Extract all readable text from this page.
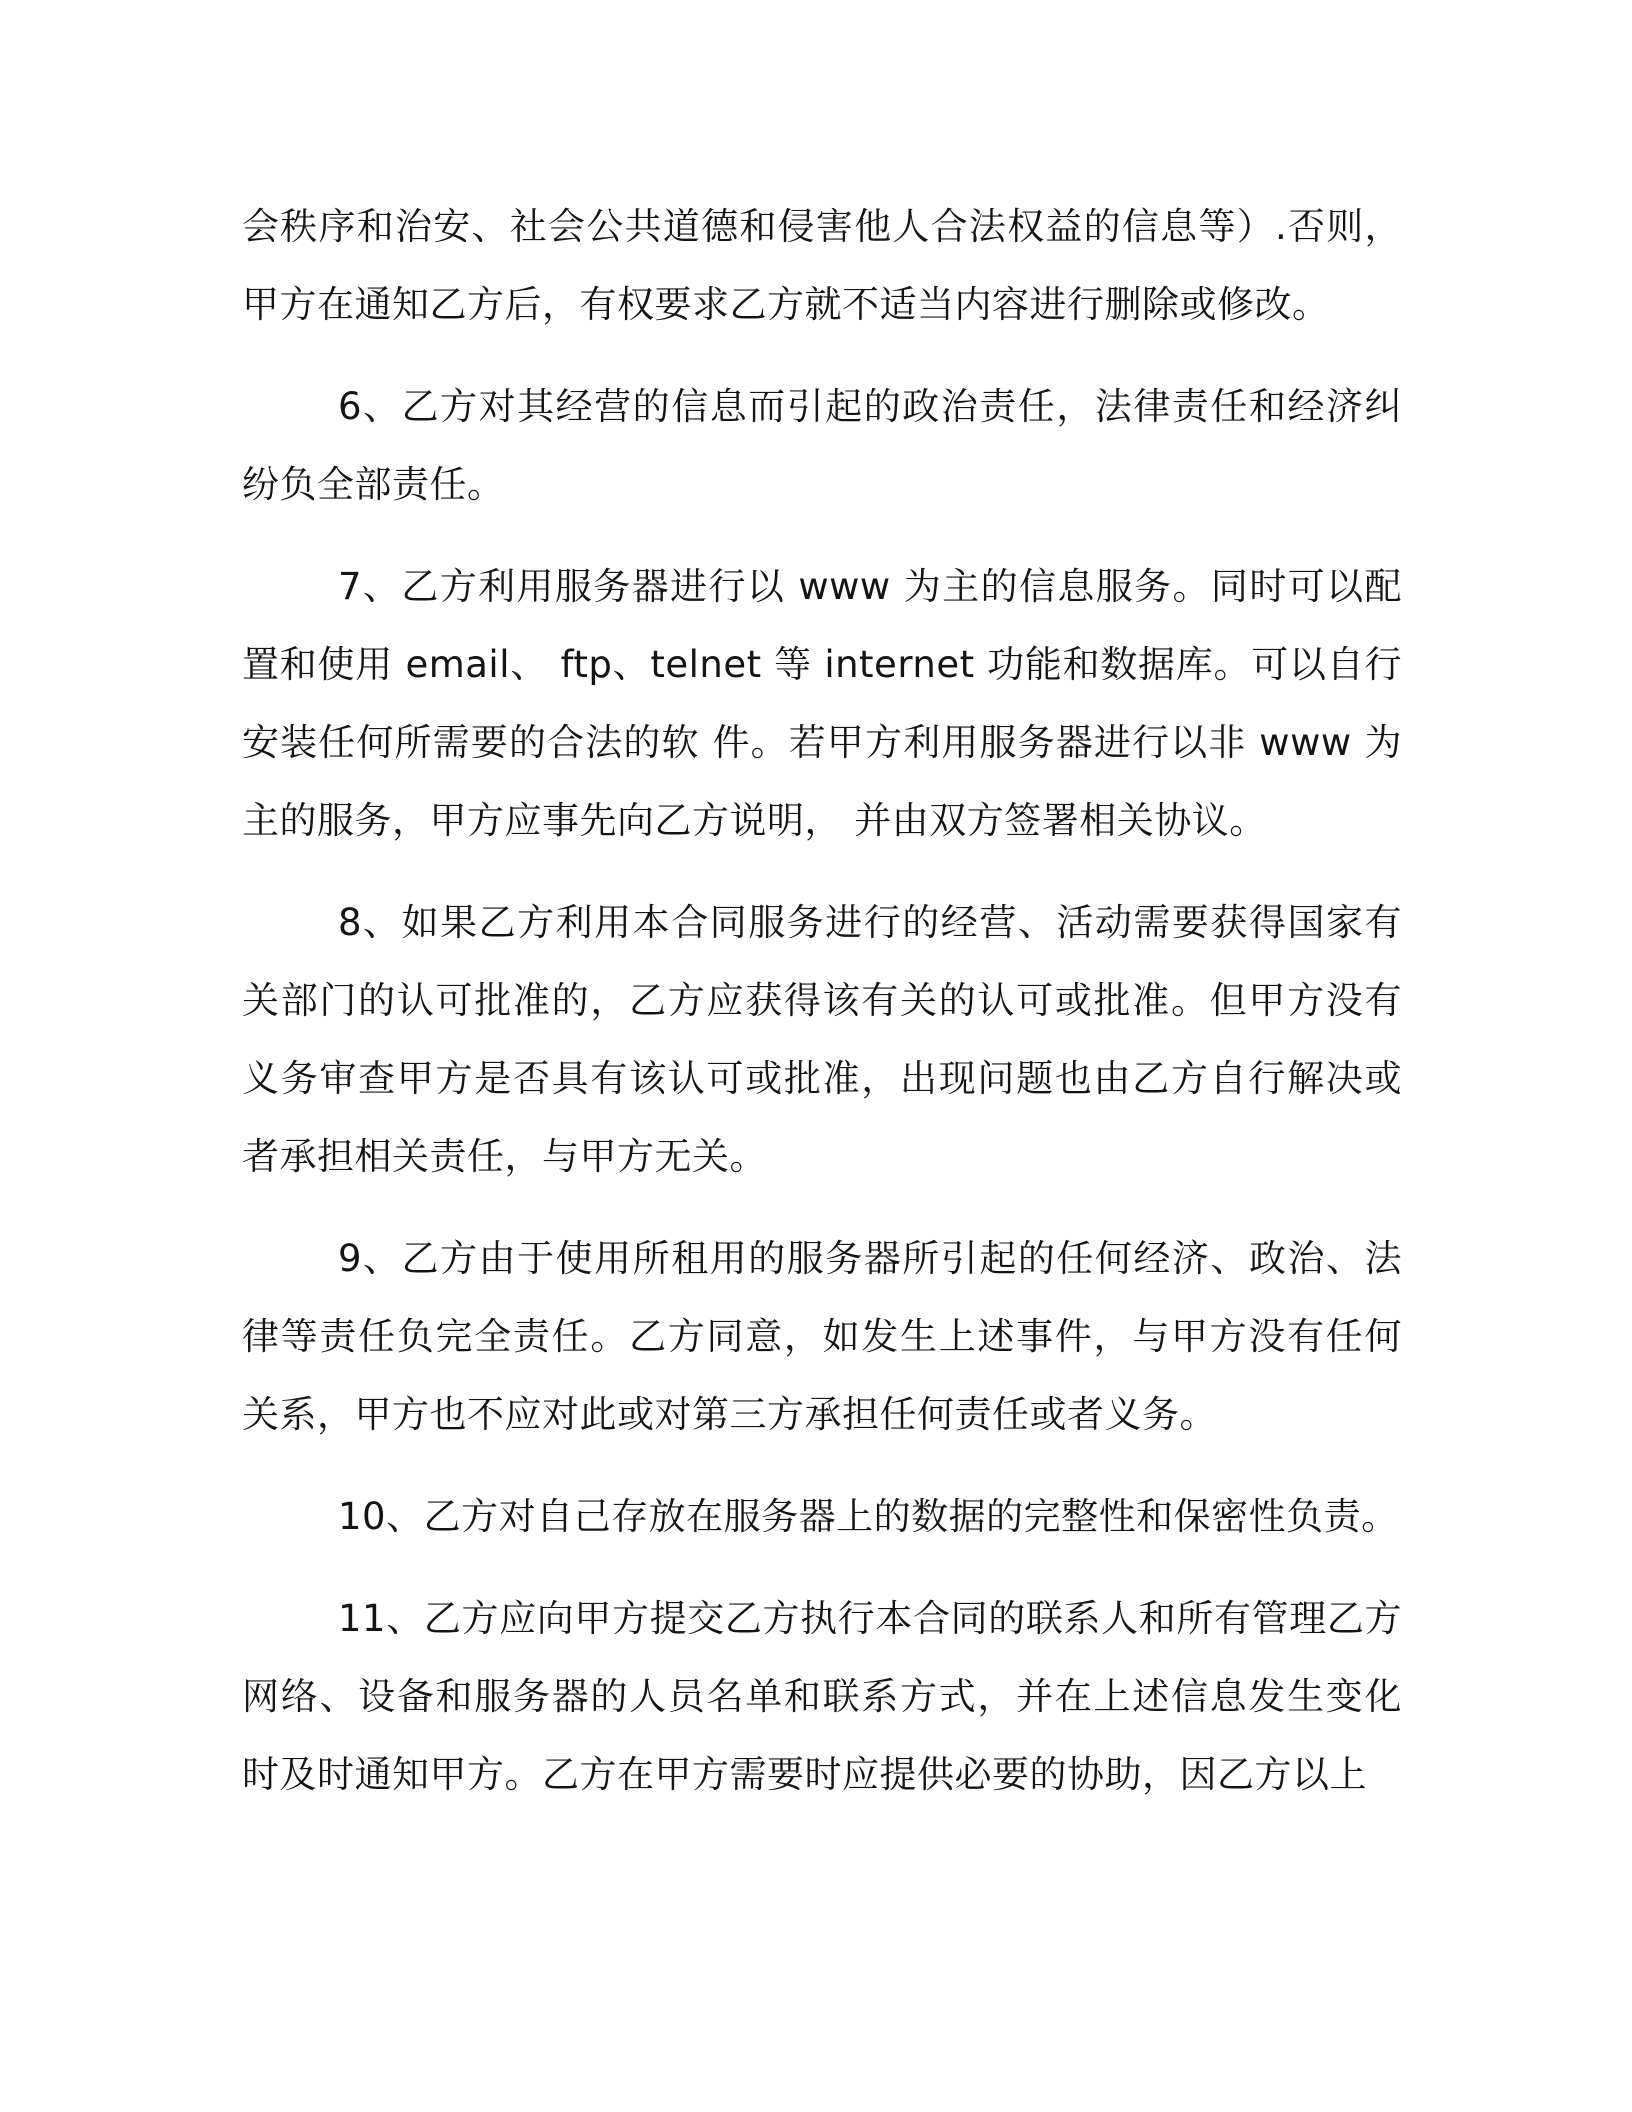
会秩序和治安、社会公共道德和侵害他人合法权益的信息等）.否则，甲方在通知乙方后，有权要求乙方就不适当内容进行删除或修改。

6、乙方对其经营的信息而引起的政治责任，法律责任和经济纠纷负全部责任。

7、乙方利用服务器进行以 www 为主的信息服务。同时可以配置和使用 email、 ftp、telnet 等 internet 功能和数据库。可以自行安装任何所需要的合法的软 件。若甲方利用服务器进行以非 www 为主的服务，甲方应事先向乙方说明， 并由双方签署相关协议。

8、如果乙方利用本合同服务进行的经营、活动需要获得国家有关部门的认可批准的，乙方应获得该有关的认可或批准。但甲方没有义务审查甲方是否具有该认可或批准，出现问题也由乙方自行解决或者承担相关责任，与甲方无关。

9、乙方由于使用所租用的服务器所引起的任何经济、政治、法律等责任负完全责任。乙方同意，如发生上述事件，与甲方没有任何关系，甲方也不应对此或对第三方承担任何责任或者义务。

10、乙方对自己存放在服务器上的数据的完整性和保密性负责。

11、乙方应向甲方提交乙方执行本合同的联系人和所有管理乙方网络、设备和服务器的人员名单和联系方式，并在上述信息发生变化时及时通知甲方。乙方在甲方需要时应提供必要的协助，因乙方以上
